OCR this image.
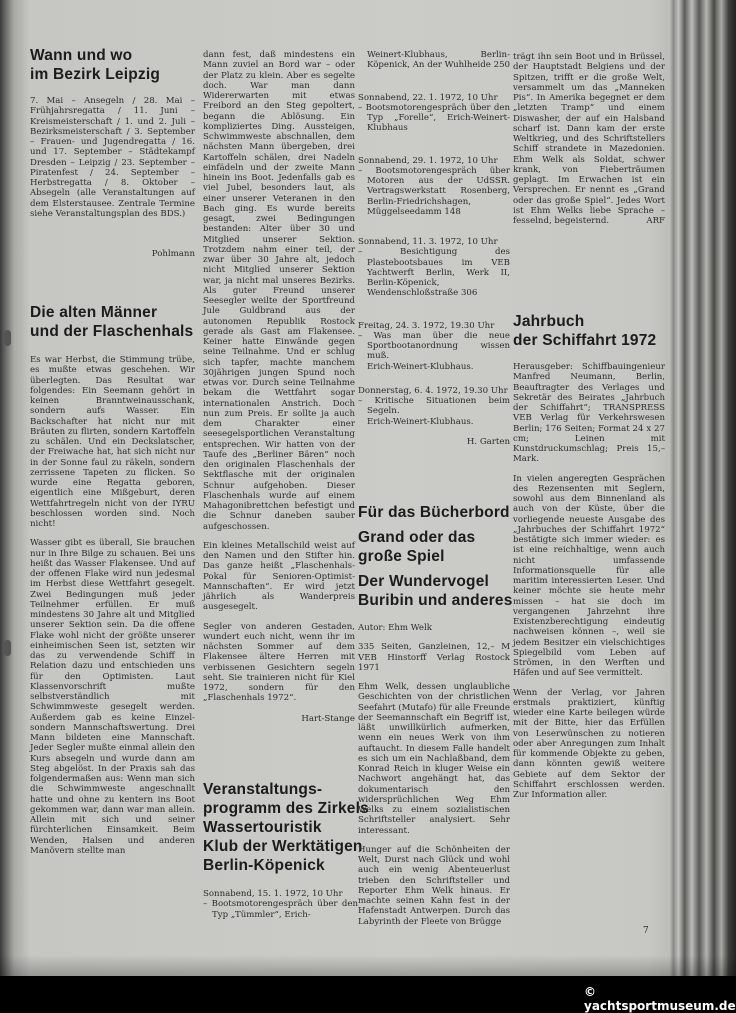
Wann und wo
im Bezirk Leipzig

7. Mai – Ansegeln / 28. Mai – Frühjahrsregatta / 11. Juni – Kreismeisterschaft / 1. und 2. Juli – Bezirksmeisterschaft / 3. September – Frauen- und Jugendregatta / 16. und 17. September – Städtekampf Dresden – Leipzig / 23. September – Piratenfest / 24. September – Herbstregatta / 8. Oktober – Absegeln (alle Veranstaltungen auf dem Elsterstausee. Zentrale Termine siehe Veranstaltungsplan des BDS.)

Pohlmann
Die alten Männer
und der Flaschenhals

Es war Herbst, die Stimmung trübe, es mußte etwas geschehen. Wir überlegten. Das Resultat war folgendes: Ein Seemann gehört in keinen Branntweinausschank, sondern aufs Wasser. Ein Backschafter hat nicht nur mit Bräuten zu flirten, sondern Kartoffeln zu schälen. Und ein Deckslatscher, der Freiwache hat, hat sich nicht nur in der Sonne faul zu räkeln, sondern zerrissene Tapeten zu flicken. So wurde eine Regatta geboren, eigentlich eine Mißgeburt, deren Wettfahrtregeln nicht von der IYRU beschlossen worden sind. Noch nicht!

Wasser gibt es überall, Sie brauchen nur in Ihre Bilge zu schauen. Bei uns heißt das Wasser Flakensee. Und auf der offenen Flake wird nun jedesmal im Herbst diese Wettfahrt gesegelt. Zwei Bedingungen muß jeder Teilnehmer erfüllen. Er muß mindestens 30 Jahre alt und Mitglied unserer Sektion sein. Da die offene Flake wohl nicht der größte unserer einheimischen Seen ist, setzten wir das zu verwendende Schiff in Relation dazu und entschieden uns für den Optimisten. Laut Klassenvorschrift mußte selbstverständlich mit Schwimmweste gesegelt werden. Außerdem gab es keine Einzel- sondern Mannschaftswertung. Drei Mann bildeten eine Mannschaft. Jeder Segler mußte einmal allein den Kurs absegeln und wurde dann am Steg abgelöst. In der Praxis sah das folgendermaßen aus: Wenn man sich die Schwimmweste angeschnallt hatte und ohne zu kentern ins Boot gekommen war, dann war man allein. Allein mit sich und seiner fürchterlichen Einsamkeit. Beim Wenden, Halsen und anderen Manövern stellte man

dann fest, daß mindestens ein Mann zuviel an Bord war – oder der Platz zu klein. Aber es segelte doch. War man dann Widererwarten mit etwas Freibord an den Steg gepoltert, begann die Ablösung. Ein kompliziertes Ding. Aussteigen, Schwimmweste abschnallen, dem nächsten Mann übergeben, drei Kartoffeln schälen, drei Nadeln einfädeln und der zweite Mann hinein ins Boot. Jedenfalls gab es viel Jubel, besonders laut, als einer unserer Veteranen in den Bach ging. Es wurde bereits gesagt, zwei Bedingungen bestanden: Alter über 30 und Mitglied unserer Sektion. Trotzdem nahm einer teil, der zwar über 30 Jahre alt, jedoch nicht Mitglied unserer Sektion war, ja nicht mal unseres Bezirks. Als guter Freund unserer Seesegler weilte der Sportfreund Jule Guldbrand aus der autonomen Republik Rostock gerade als Gast am Flakensee. Keiner hatte Einwände gegen seine Teilnahme. Und er schlug sich tapfer, machte manchem 30jährigen jungen Spund noch etwas vor. Durch seine Teilnahme bekam die Wettfahrt sogar internationalen Anstrich. Doch nun zum Preis. Er sollte ja auch dem Charakter einer seesegelsportlichen Veranstaltung entsprechen. Wir hatten von der Taufe des „Berliner Bären“ noch den originalen Flaschenhals der Sektflasche mit der originalen Schnur aufgehoben. Dieser Flaschenhals wurde auf einem Mahagonibrettchen befestigt und die Schnur daneben sauber aufgeschossen.

Ein kleines Metallschild weist auf den Namen und den Stifter hin. Das ganze heißt „Flaschenhals-Pokal für Senioren-Optimist-Mannschaften“. Er wird jetzt jährlich als Wanderpreis ausgesegelt.

Segler von anderen Gestaden, wundert euch nicht, wenn ihr im nächsten Sommer auf dem Flakensee ältere Herren mit verbissenen Gesichtern segeln seht. Sie trainieren nicht für Kiel 1972, sondern für den „Flaschenhals 1972“.

Hart-Stange
Veranstaltungs-
programm des Zirkels
Wassertouristik
Klub der Werktätigen
Berlin-Köpenick
Sonnabend, 15. 1. 1972, 10 Uhr
– Bootsmotorengespräch über den Typ „Tümmler“, Erich-
Weinert-Klubhaus, Berlin-Köpenick, An der Wuhlheide 250
Sonnabend, 22. 1. 1972, 10 Uhr
– Bootsmotorengespräch über den Typ „Forelle“, Erich-Weinert-Klubhaus
Sonnabend, 29. 1. 1972, 10 Uhr
– Bootsmotorengespräch über Motoren aus der UdSSR. Vertragswerkstatt Rosenberg, Berlin-Friedrichshagen, Müggelseedamm 148
Sonnabend, 11. 3. 1972, 10 Uhr
– Besichtigung des Plastebootsbaues im VEB Yachtwerft Berlin, Werk II, Berlin-Köpenick, Wendenschloßstraße 306
Freitag, 24. 3. 1972, 19.30 Uhr
– Was man über die neue Sportbootanordnung wissen muß.
Erich-Weinert-Klubhaus.
Donnerstag, 6. 4. 1972, 19.30 Uhr
– Kritische Situationen beim Segeln.
Erich-Weinert-Klubhaus.
H. Garten
Für das Bücherbord
Grand oder das
große Spiel
Der Wundervogel
Buribin und anderes
Autor: Ehm Welk

335 Seiten, Ganzleinen, 12,– M VEB Hinstorff Verlag Rostock 1971

Ehm Welk, dessen unglaubliche Geschichten von der christlichen Seefahrt (Mutafo) für alle Freunde der Seemannschaft ein Begriff ist, läßt unwillkürlich aufmerken, wenn ein neues Werk von ihm auftaucht. In diesem Falle handelt es sich um ein Nachlaßband, dem Konrad Reich in kluger Weise ein Nachwort angehängt hat, das dokumentarisch den widersprüchlichen Weg Ehm Welks zu einem sozialistischen Schriftsteller analysiert. Sehr interessant.

Hunger auf die Schönheiten der Welt, Durst nach Glück und wohl auch ein wenig Abenteuerlust trieben den Schriftsteller und Reporter Ehm Welk hinaus. Er machte seinen Kahn fest in der Hafenstadt Antwerpen. Durch das Labyrinth der Fleete von Brügge

trägt ihn sein Boot und in Brüssel, der Hauptstadt Belgiens und der Spitzen, trifft er die große Welt, versammelt um das „Manneken Pis“. In Amerika begegnet er dem „letzten Tramp“ und einem Diswasher, der auf ein Halsband scharf ist. Dann kam der erste Weltkrieg, und des Schriftstellers Schiff strandete in Mazedonien. Ehm Welk als Soldat, schwer krank, von Fieberträumen geplagt. Im Erwachen ist ein Versprechen. Er nennt es „Grand oder das große Spiel“. Jedes Wort ist Ehm Welks liebe Sprache – fesselnd, begeisternd.	ARF
Jahrbuch
der Schiffahrt 1972

Herausgeber: Schiffbauingenieur Manfred Neumann, Berlin, Beauftragter des Verlages und Sekretär des Beirates „Jahrbuch der Schiffahrt“; TRANSPRESS VEB Verlag für Verkehrswesen Berlin; 176 Seiten; Format 24 x 27 cm; Leinen mit Kunstdruckumschlag; Preis 15,– Mark.

In vielen angeregten Gesprächen des Rezensenten mit Seglern, sowohl aus dem Binnenland als auch von der Küste, über die vorliegende neueste Ausgabe des „Jahrbuches der Schiffahrt 1972“ bestätigte sich immer wieder: es ist eine reichhaltige, wenn auch nicht umfassende Informationsquelle für alle maritim interessierten Leser. Und keiner möchte sie heute mehr missen – hat sie doch im vergangenen Jahrzehnt ihre Existenzberechtigung eindeutig nachweisen können –, weil sie jedem Besitzer ein vielschichtiges Spiegelbild vom Leben auf Strömen, in den Werften und Häfen und auf See vermittelt.

Wenn der Verlag, vor Jahren erstmals praktiziert, künftig wieder eine Karte beilegen würde mit der Bitte, hier das Erfüllen von Leserwünschen zu notieren oder aber Anregungen zum Inhalt für kommende Objekte zu geben, dann könnten gewiß weitere Gebiete auf dem Sektor der Schiffahrt erschlossen werden. Zur Information aller.

7
© yachtsportmuseum.de
